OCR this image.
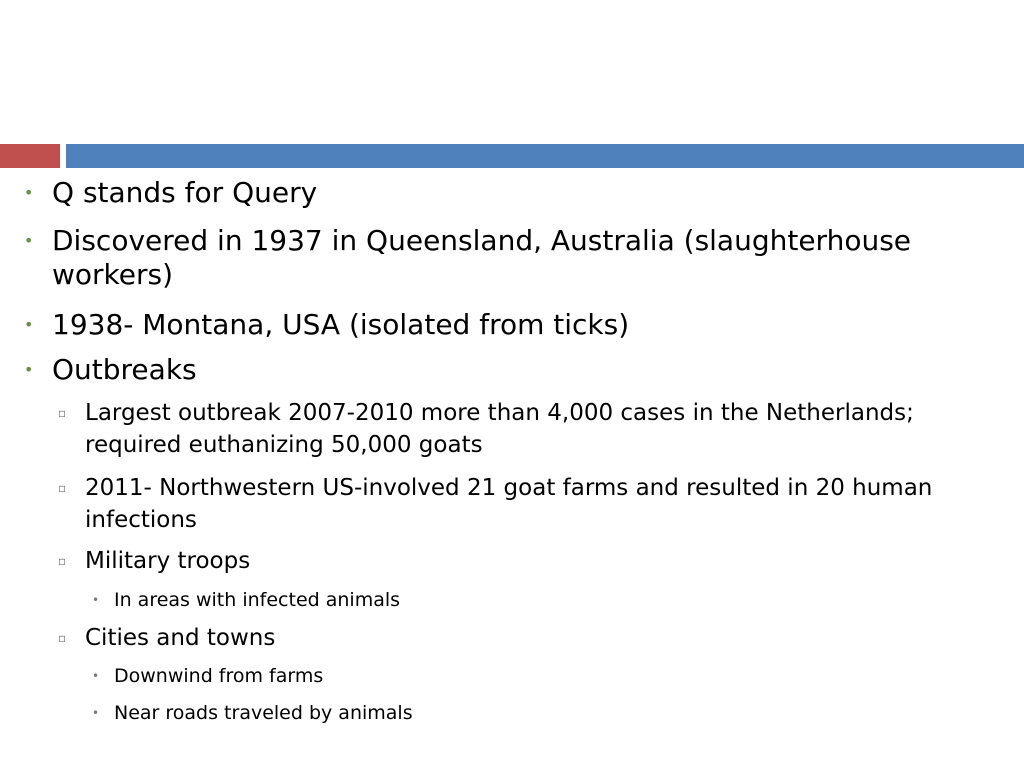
• Q stands for Query
• Discovered in 1937 in Queensland, Australia (slaughterhouse workers)
• 1938- Montana, USA (isolated from ticks)
• Outbreaks
▫ Largest outbreak 2007-2010 more than 4,000 cases in the Netherlands; required euthanizing 50,000 goats
▫ 2011- Northwestern US-involved 21 goat farms and resulted in 20 human infections
▫ Military troops
• In areas with infected animals
▫ Cities and towns
• Downwind from farms
• Near roads traveled by animals
